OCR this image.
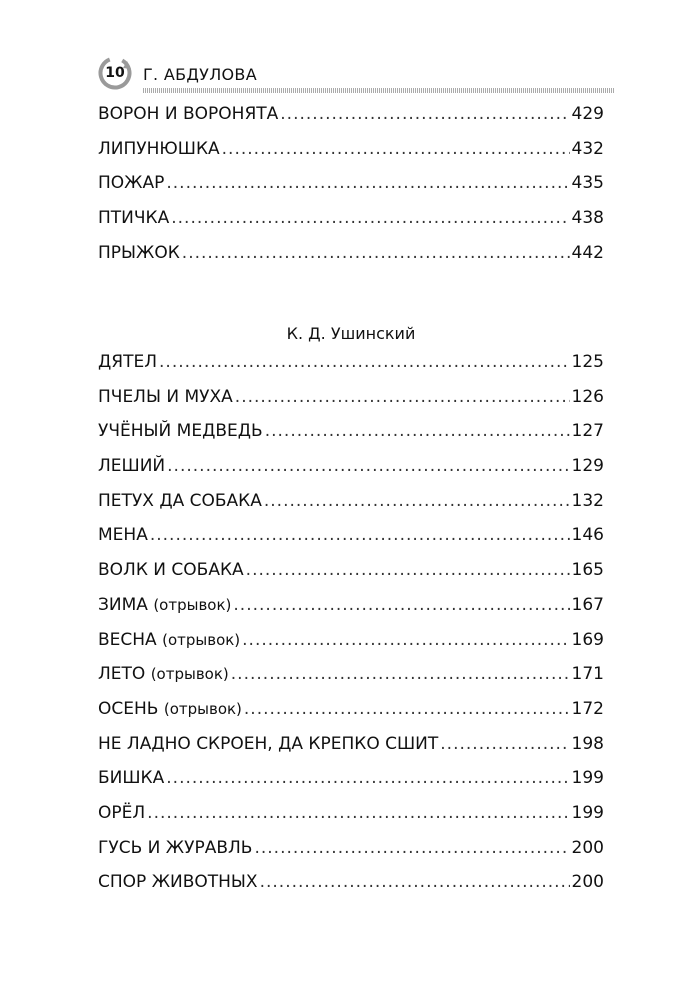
10	Г. АБДУЛОВА
ВОРОН И ВОРОНЯТА .....	429
ЛИПУНЮШКА .....	432
ПОЖАР .....	435
ПТИЧКА .....	438
ПРЫЖОК .....	442
К. Д. Ушинский
ДЯТЕЛ .....	125
ПЧЕЛЫ И МУХА .....	126
УЧЁНЫЙ МЕДВЕДЬ .....	127
ЛЕШИЙ .....	129
ПЕТУХ ДА СОБАКА .....	132
МЕНА .....	146
ВОЛК И СОБАКА .....	165
ЗИМА (отрывок) .....	167
ВЕСНА (отрывок) .....	169
ЛЕТО (отрывок) .....	171
ОСЕНЬ (отрывок) .....	172
НЕ ЛАДНО СКРОЕН, ДА КРЕПКО СШИТ .....	198
БИШКА .....	199
ОРЁЛ .....	199
ГУСЬ И ЖУРАВЛЬ .....	200
СПОР ЖИВОТНЫХ .....	200
